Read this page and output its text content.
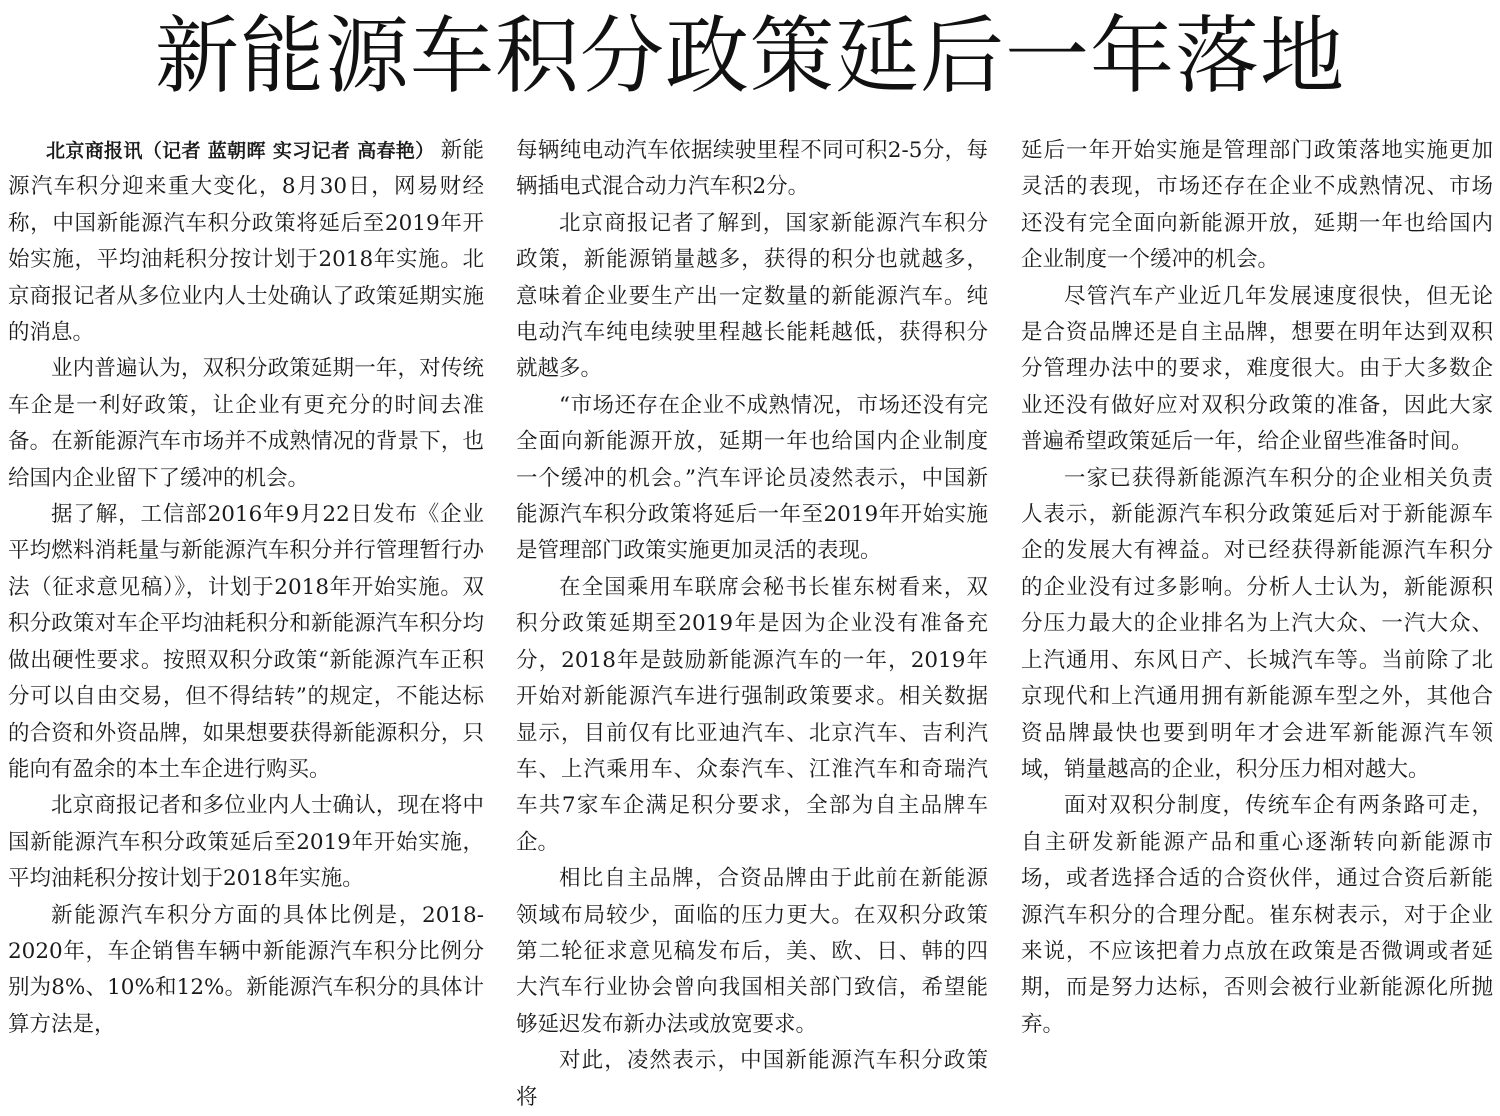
新能源车积分政策延后一年落地

北京商报讯（记者 蓝朝晖 实习记者 高春艳） 新能源汽车积分迎来重大变化，8月30日，网易财经称，中国新能源汽车积分政策将延后至2019年开始实施，平均油耗积分按计划于2018年实施。北京商报记者从多位业内人士处确认了政策延期实施的消息。

业内普遍认为，双积分政策延期一年，对传统车企是一利好政策，让企业有更充分的时间去准备。在新能源汽车市场并不成熟情况的背景下，也给国内企业留下了缓冲的机会。

据了解，工信部2016年9月22日发布《企业平均燃料消耗量与新能源汽车积分并行管理暂行办法（征求意见稿）》，计划于2018年开始实施。双积分政策对车企平均油耗积分和新能源汽车积分均做出硬性要求。按照双积分政策“新能源汽车正积分可以自由交易，但不得结转”的规定，不能达标的合资和外资品牌，如果想要获得新能源积分，只能向有盈余的本土车企进行购买。

北京商报记者和多位业内人士确认，现在将中国新能源汽车积分政策延后至2019年开始实施，平均油耗积分按计划于2018年实施。

新能源汽车积分方面的具体比例是，2018-2020年，车企销售车辆中新能源汽车积分比例分别为8%、10%和12%。新能源汽车积分的具体计算方法是，

每辆纯电动汽车依据续驶里程不同可积2-5分，每辆插电式混合动力汽车积2分。

北京商报记者了解到，国家新能源汽车积分政策，新能源销量越多，获得的积分也就越多，意味着企业要生产出一定数量的新能源汽车。纯电动汽车纯电续驶里程越长能耗越低，获得积分就越多。

“市场还存在企业不成熟情况，市场还没有完全面向新能源开放，延期一年也给国内企业制度一个缓冲的机会。”汽车评论员凌然表示，中国新能源汽车积分政策将延后一年至2019年开始实施是管理部门政策实施更加灵活的表现。

在全国乘用车联席会秘书长崔东树看来，双积分政策延期至2019年是因为企业没有准备充分，2018年是鼓励新能源汽车的一年，2019年开始对新能源汽车进行强制政策要求。相关数据显示，目前仅有比亚迪汽车、北京汽车、吉利汽车、上汽乘用车、众泰汽车、江淮汽车和奇瑞汽车共7家车企满足积分要求，全部为自主品牌车企。

相比自主品牌，合资品牌由于此前在新能源领域布局较少，面临的压力更大。在双积分政策第二轮征求意见稿发布后，美、欧、日、韩的四大汽车行业协会曾向我国相关部门致信，希望能够延迟发布新办法或放宽要求。

对此，凌然表示，中国新能源汽车积分政策将

延后一年开始实施是管理部门政策落地实施更加灵活的表现，市场还存在企业不成熟情况、市场还没有完全面向新能源开放，延期一年也给国内企业制度一个缓冲的机会。

尽管汽车产业近几年发展速度很快，但无论是合资品牌还是自主品牌，想要在明年达到双积分管理办法中的要求，难度很大。由于大多数企业还没有做好应对双积分政策的准备，因此大家普遍希望政策延后一年，给企业留些准备时间。

一家已获得新能源汽车积分的企业相关负责人表示，新能源汽车积分政策延后对于新能源车企的发展大有裨益。对已经获得新能源汽车积分的企业没有过多影响。分析人士认为，新能源积分压力最大的企业排名为上汽大众、一汽大众、上汽通用、东风日产、长城汽车等。当前除了北京现代和上汽通用拥有新能源车型之外，其他合资品牌最快也要到明年才会进军新能源汽车领域，销量越高的企业，积分压力相对越大。

面对双积分制度，传统车企有两条路可走，自主研发新能源产品和重心逐渐转向新能源市场，或者选择合适的合资伙伴，通过合资后新能源汽车积分的合理分配。崔东树表示，对于企业来说，不应该把着力点放在政策是否微调或者延期，而是努力达标，否则会被行业新能源化所抛弃。
